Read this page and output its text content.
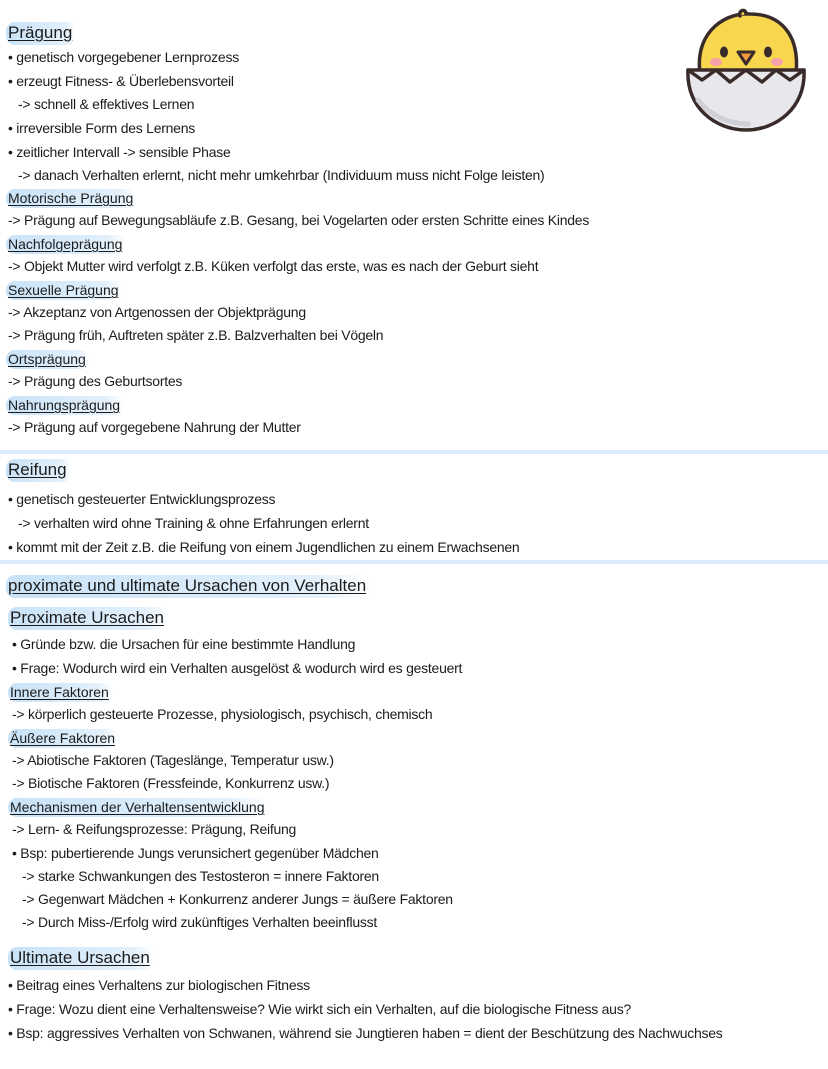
Prägung
• genetisch vorgegebener Lernprozess
• erzeugt Fitness- & Überlebensvorteil
-> schnell & effektives Lernen
• irreversible Form des Lernens
• zeitlicher Intervall -> sensible Phase
-> danach Verhalten erlernt, nicht mehr umkehrbar (Individuum muss nicht Folge leisten)
Motorische Prägung
-> Prägung auf Bewegungsabläufe z.B. Gesang, bei Vogelarten oder ersten Schritte eines Kindes
Nachfolgeprägung
-> Objekt Mutter wird verfolgt z.B. Küken verfolgt das erste, was es nach der Geburt sieht
Sexuelle Prägung
-> Akzeptanz von Artgenossen der Objektprägung
-> Prägung früh, Auftreten später z.B. Balzverhalten bei Vögeln
Ortsprägung
-> Prägung des Geburtsortes
Nahrungsprägung
-> Prägung auf vorgegebene Nahrung der Mutter
Reifung
• genetisch gesteuerter Entwicklungsprozess
-> verhalten wird ohne Training & ohne Erfahrungen erlernt
• kommt mit der Zeit z.B. die Reifung von einem Jugendlichen zu einem Erwachsenen
proximate und ultimate Ursachen von Verhalten
Proximate Ursachen
• Gründe bzw. die Ursachen für eine bestimmte Handlung
• Frage: Wodurch wird ein Verhalten ausgelöst & wodurch wird es gesteuert
Innere Faktoren
-> körperlich gesteuerte Prozesse, physiologisch, psychisch, chemisch
Äußere Faktoren
-> Abiotische Faktoren (Tageslänge, Temperatur usw.)
-> Biotische Faktoren (Fressfeinde, Konkurrenz usw.)
Mechanismen der Verhaltensentwicklung
-> Lern- & Reifungsprozesse: Prägung, Reifung
• Bsp: pubertierende Jungs verunsichert gegenüber Mädchen
-> starke Schwankungen des Testosteron = innere Faktoren
-> Gegenwart Mädchen + Konkurrenz anderer Jungs = äußere Faktoren
-> Durch Miss-/Erfolg wird zukünftiges Verhalten beeinflusst
Ultimate Ursachen
• Beitrag eines Verhaltens zur biologischen Fitness
• Frage: Wozu dient eine Verhaltensweise? Wie wirkt sich ein Verhalten, auf die biologische Fitness aus?
• Bsp: aggressives Verhalten von Schwanen, während sie Jungtieren haben = dient der Beschützung des Nachwuchses
